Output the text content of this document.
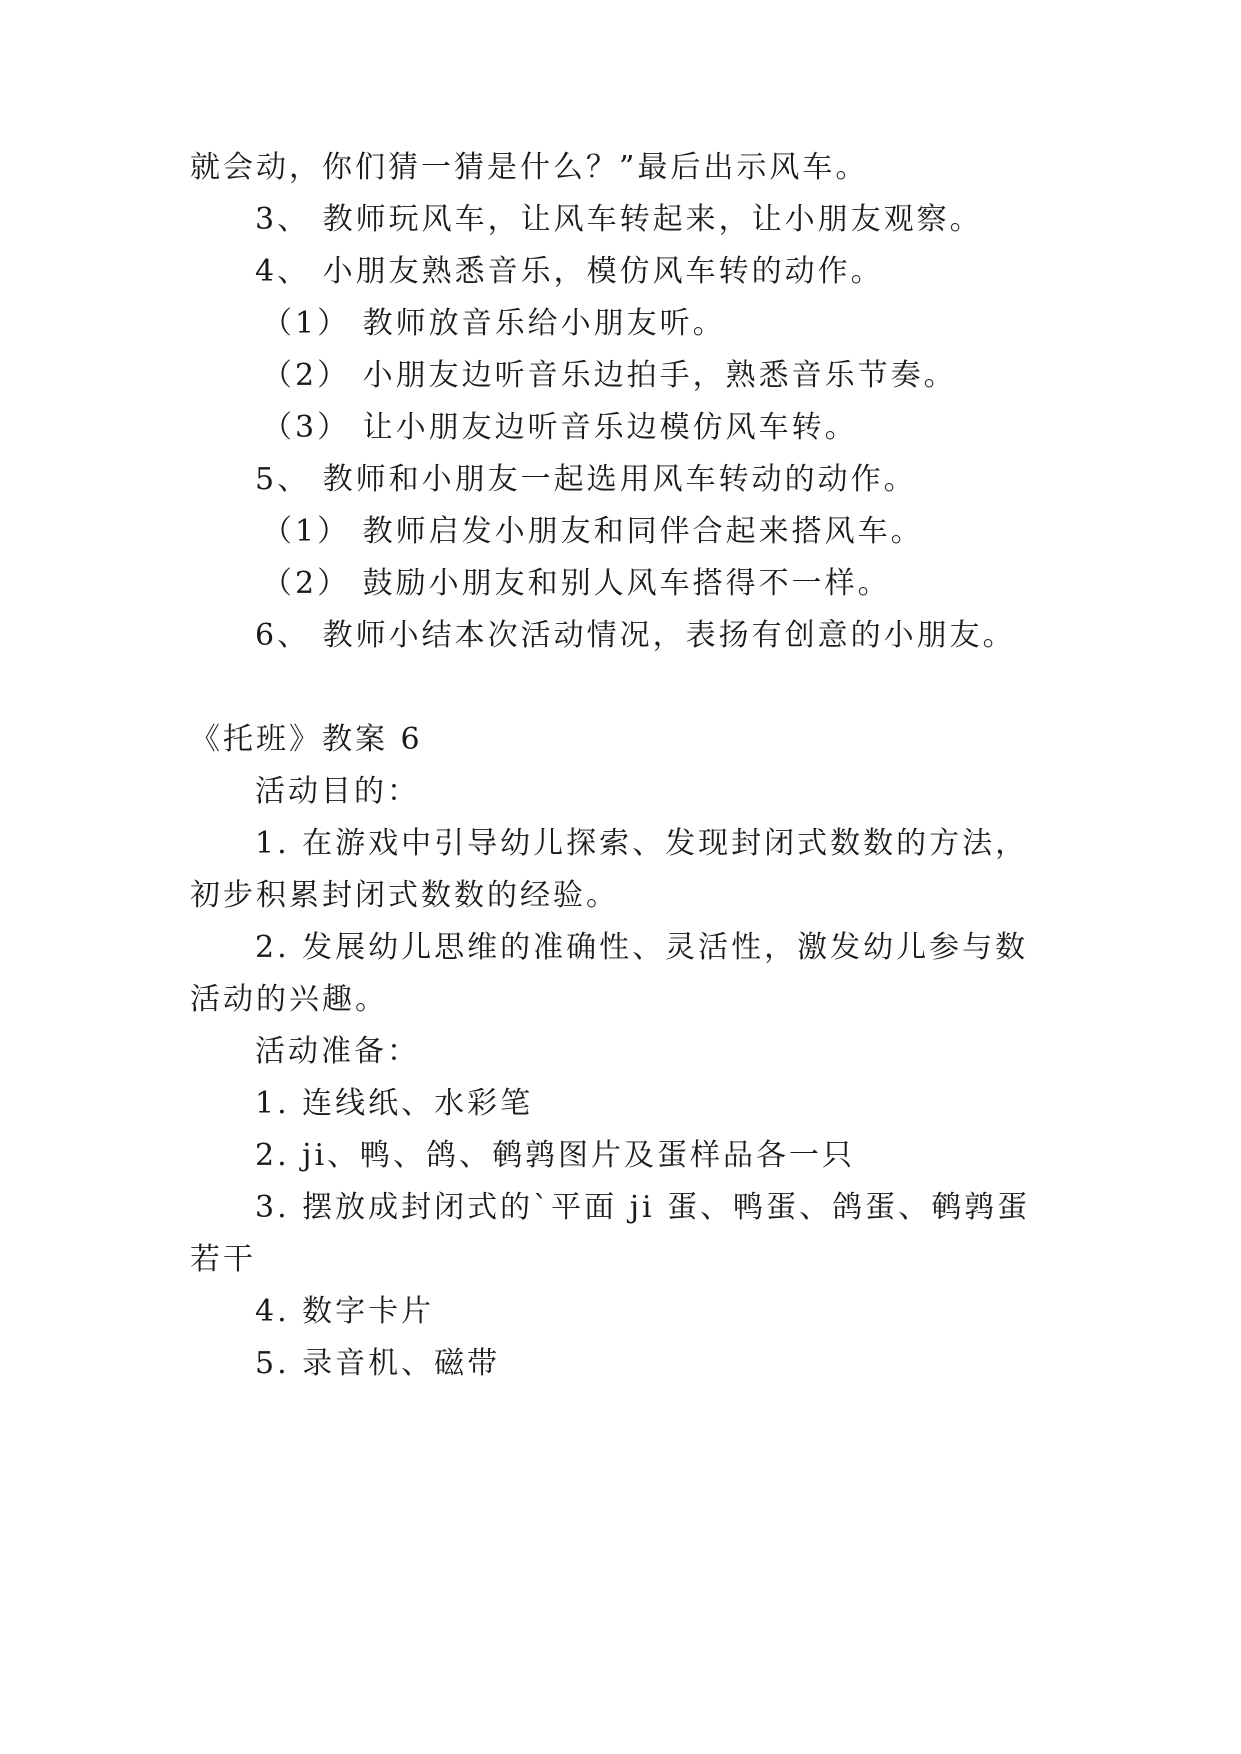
就会动，你们猜一猜是什么？”最后出示风车。
3、 教师玩风车，让风车转起来，让小朋友观察。
4、 小朋友熟悉音乐，模仿风车转的动作。
（1） 教师放音乐给小朋友听。
（2） 小朋友边听音乐边拍手，熟悉音乐节奏。
（3） 让小朋友边听音乐边模仿风车转。
5、 教师和小朋友一起选用风车转动的动作。
（1） 教师启发小朋友和同伴合起来搭风车。
（2） 鼓励小朋友和别人风车搭得不一样。
6、 教师小结本次活动情况，表扬有创意的小朋友。
《托班》教案 6
活动目的：
1. 在游戏中引导幼儿探索、发现封闭式数数的方法，
初步积累封闭式数数的经验。
2. 发展幼儿思维的准确性、灵活性，激发幼儿参与数
活动的兴趣。
活动准备：
1. 连线纸、水彩笔
2. ji、鸭、鸽、鹌鹑图片及蛋样品各一只
3. 摆放成封闭式的`平面 ji 蛋、鸭蛋、鸽蛋、鹌鹑蛋
若干
4. 数字卡片
5. 录音机、磁带
